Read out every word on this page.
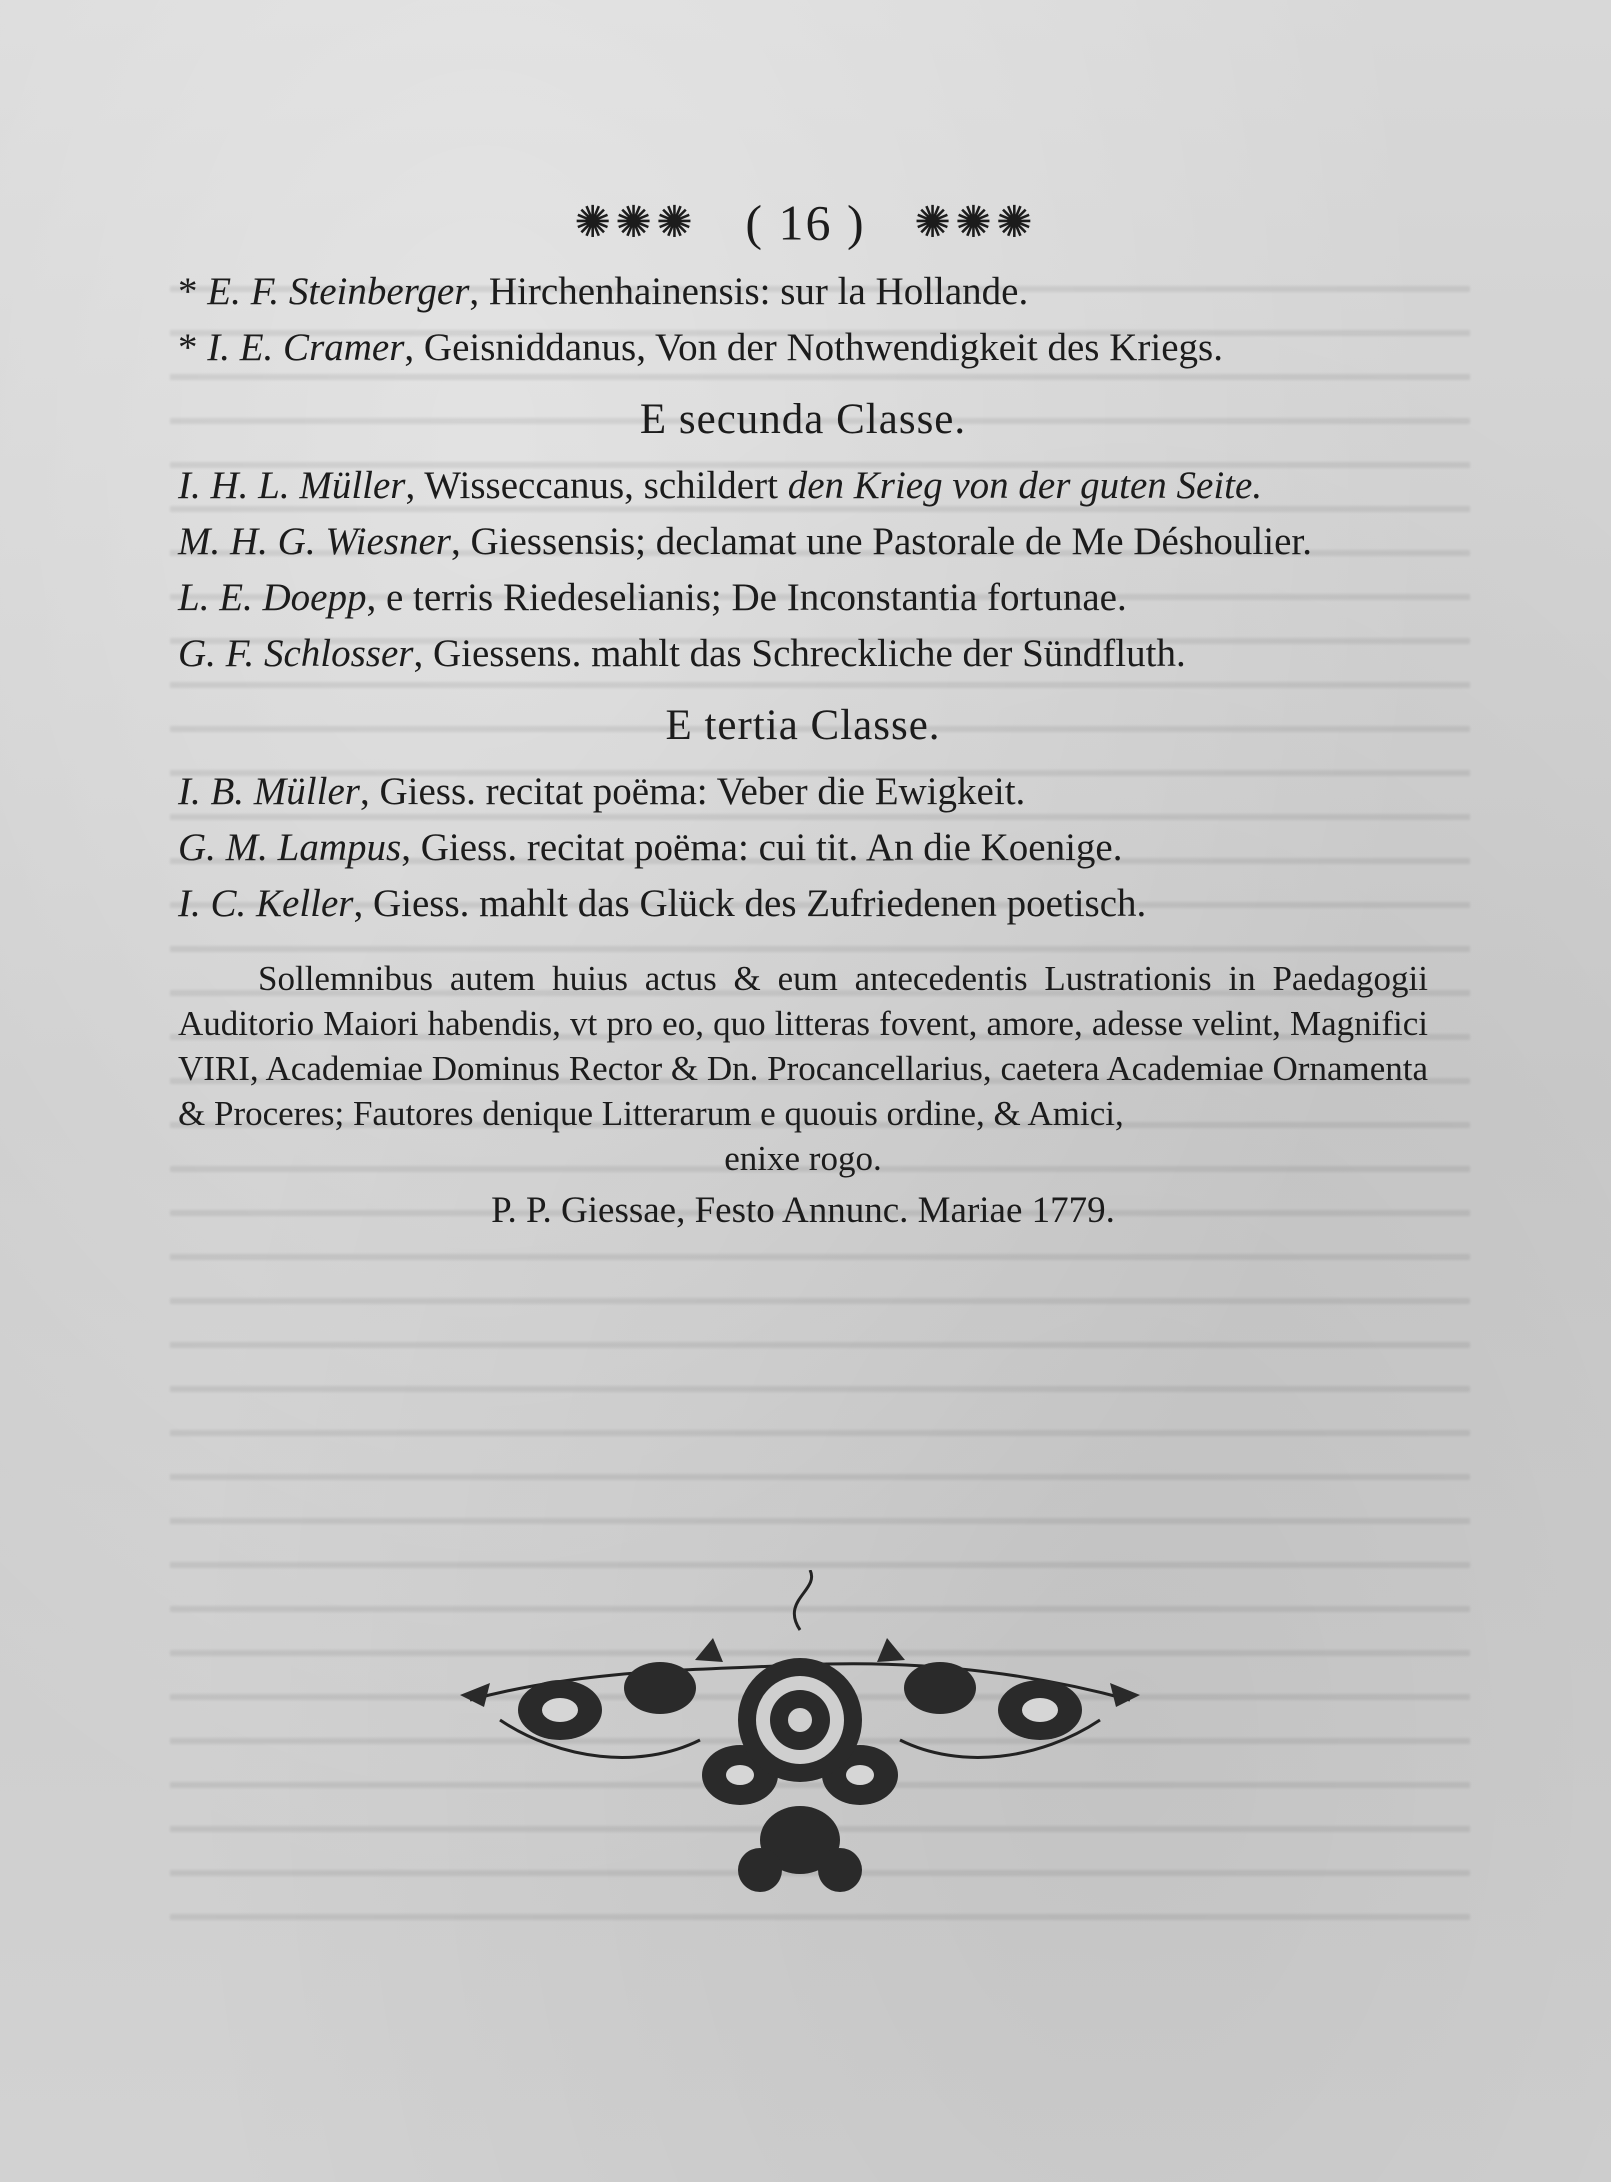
✺✺✺ ( 16 ) ✺✺✺
* E. F. Steinberger, Hirchenhainensis: sur la Hollande.
* I. E. Cramer, Geisniddanus, Von der Nothwendigkeit des Kriegs.
E secunda Classe.
I. H. L. Müller, Wisseccanus, schildert den Krieg von der guten Seite.
M. H. G. Wiesner, Giessensis; declamat une Pastorale de Me Déshoulier.
L. E. Doepp, e terris Riedeselianis; De Inconstantia fortunae.
G. F. Schlosser, Giessens. mahlt das Schreckliche der Sündfluth.
E tertia Classe.
I. B. Müller, Giess. recitat poëma: Veber die Ewigkeit.
G. M. Lampus, Giess. recitat poëma: cui tit. An die Koenige.
I. C. Keller, Giess. mahlt das Glück des Zufriedenen poetisch.
Sollemnibus autem huius actus & eum antecedentis Lustrationis in Paedagogii Auditorio Maiori habendis, vt pro eo, quo litteras fovent, amore, adesse velint, Magnifici VIRI, Academiae Dominus Rector & Dn. Procancellarius, caetera Academiae Ornamenta & Proceres; Fautores denique Litterarum e quouis ordine, & Amici,
enixe rogo.
P. P. Giessae, Festo Annunc. Mariae 1779.
